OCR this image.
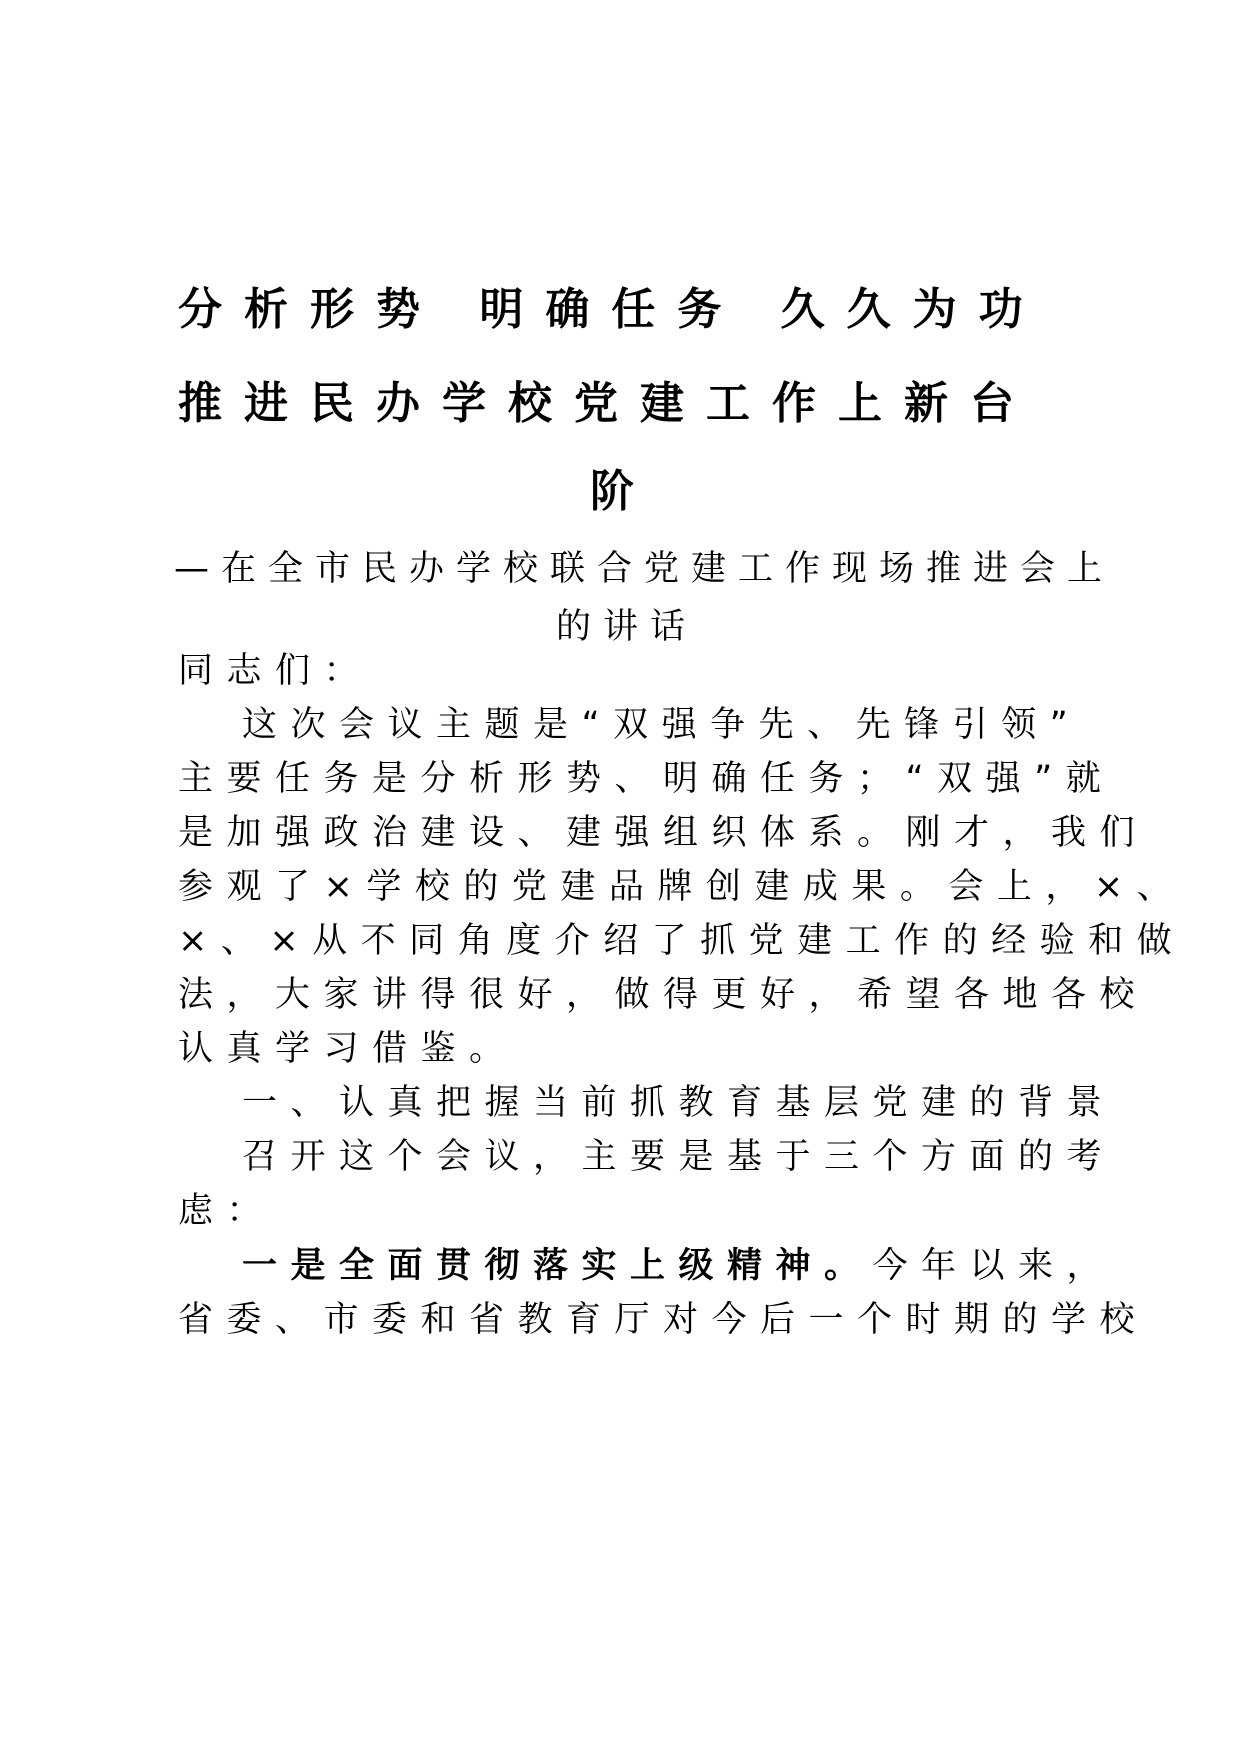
分析形势 明确任务 久久为功
推进民办学校党建工作上新台
阶
—在全市民办学校联合党建工作现场推进会上
的讲话
同志们：
这次会议主题是“双强争先、先锋引领”
主要任务是分析形势、明确任务；“双强”就
是加强政治建设、建强组织体系。刚才，我们
参观了×学校的党建品牌创建成果。会上，×、
×、×从不同角度介绍了抓党建工作的经验和做
法，大家讲得很好，做得更好，希望各地各校
认真学习借鉴。
一、认真把握当前抓教育基层党建的背景
召开这个会议，主要是基于三个方面的考
虑：
一是全面贯彻落实上级精神。今年以来，
省委、市委和省教育厅对今后一个时期的学校
